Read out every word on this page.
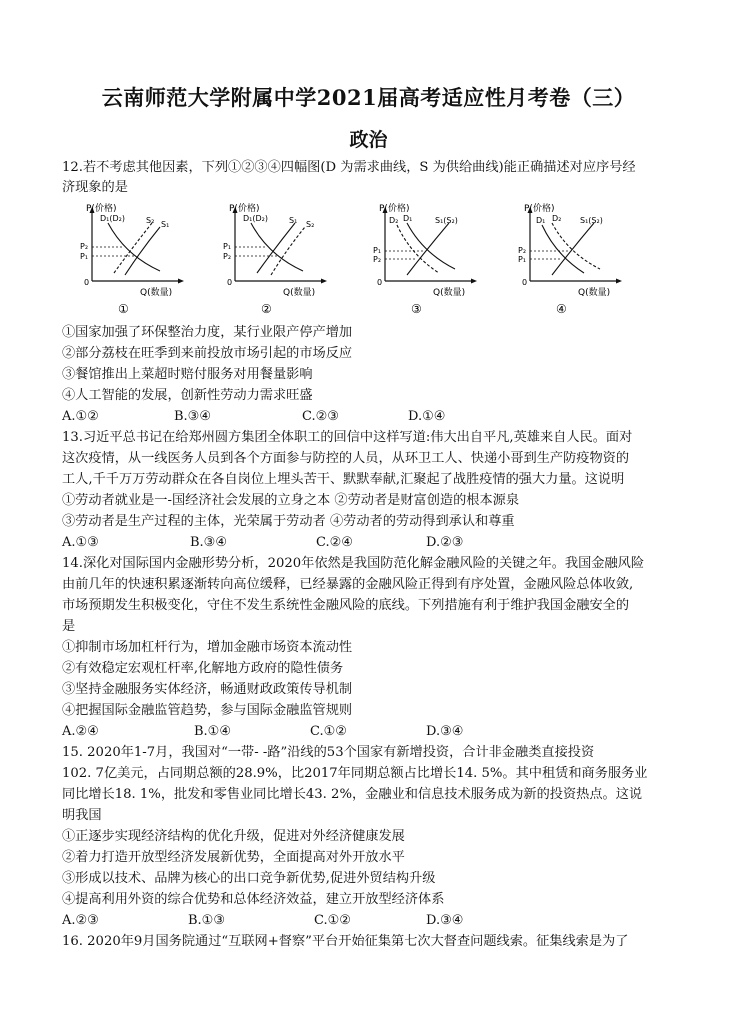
云南师范大学附属中学2021届高考适应性月考卷（三）
政治
12.若不考虑其他因素，下列①②③④四幅图(D 为需求曲线，S 为供给曲线)能正确描述对应序号经
济现象的是
P(价格)
0
Q(数量)
P₂
P₁
D₁(D₂)	S₂ S₁
①
P(价格)
0
Q(数量)
P₁
P₂
D₁(D₂)	S₁ S₂
②
P(价格)
0
Q(数量)
P₁
P₂
D₂ D₁	S₁(S₂)
③
P(价格)
0
Q(数量)
P₂
P₁
D₁ D₂ S₁(S₂)
④
①国家加强了环保整治力度，某行业限产停产增加
②部分荔枝在旺季到来前投放市场引起的市场反应
③餐馆推出上菜超时赔付服务对用餐量影响
④人工智能的发展，创新性劳动力需求旺盛
A.①②	B.③④	C.②③	D.①④
13.习近平总书记在给郑州圆方集团全体职工的回信中这样写道:伟大出自平凡,英雄来自人民。面对
这次疫情，从一线医务人员到各个方面参与防控的人员，从环卫工人、快递小哥到生产防疫物资的
工人,千千万万劳动群众在各自岗位上埋头苦干、默默奉献,汇聚起了战胜疫情的强大力量。这说明
①劳动者就业是一-国经济社会发展的立身之本 ②劳动者是财富创造的根本源泉
③劳动者是生产过程的主体，光荣属于劳动者 ④劳动者的劳动得到承认和尊重
A.①③	B.③④	C.②④	D.②③
14.深化对国际国内金融形势分析，2020年依然是我国防范化解金融风险的关键之年。我国金融风险
由前几年的快速积累逐渐转向高位缓释，已经暴露的金融风险正得到有序处置，金融风险总体收敛,
市场预期发生积极变化，守住不发生系统性金融风险的底线。下列措施有利于维护我国金融安全的
是
①抑制市场加杠杆行为，增加金融市场资本流动性
②有效稳定宏观杠杆率,化解地方政府的隐性债务
③坚持金融服务实体经济，畅通财政政策传导机制
④把握国际金融监管趋势，参与国际金融监管规则
A.②④	B.①④	C.①②	D.③④
15. 2020年1-7月，我国对“一带- -路”沿线的53个国家有新增投资，合计非金融类直接投资
102. 7亿美元，占同期总额的28.9%，比2017年同期总额占比增长14. 5%。其中租赁和商务服务业
同比增长18. 1%，批发和零售业同比增长43. 2%，金融业和信息技术服务成为新的投资热点。这说
明我国
①正逐步实现经济结构的优化升级，促进对外经济健康发展
②着力打造开放型经济发展新优势，全面提高对外开放水平
③形成以技术、品牌为核心的出口竞争新优势,促进外贸结构升级
④提高利用外资的综合优势和总体经济效益，建立开放型经济体系
A.②③	B.①③	C.①②	D.③④
16. 2020年9月国务院通过“互联网+督察”平台开始征集第七次大督查问题线索。征集线索是为了
